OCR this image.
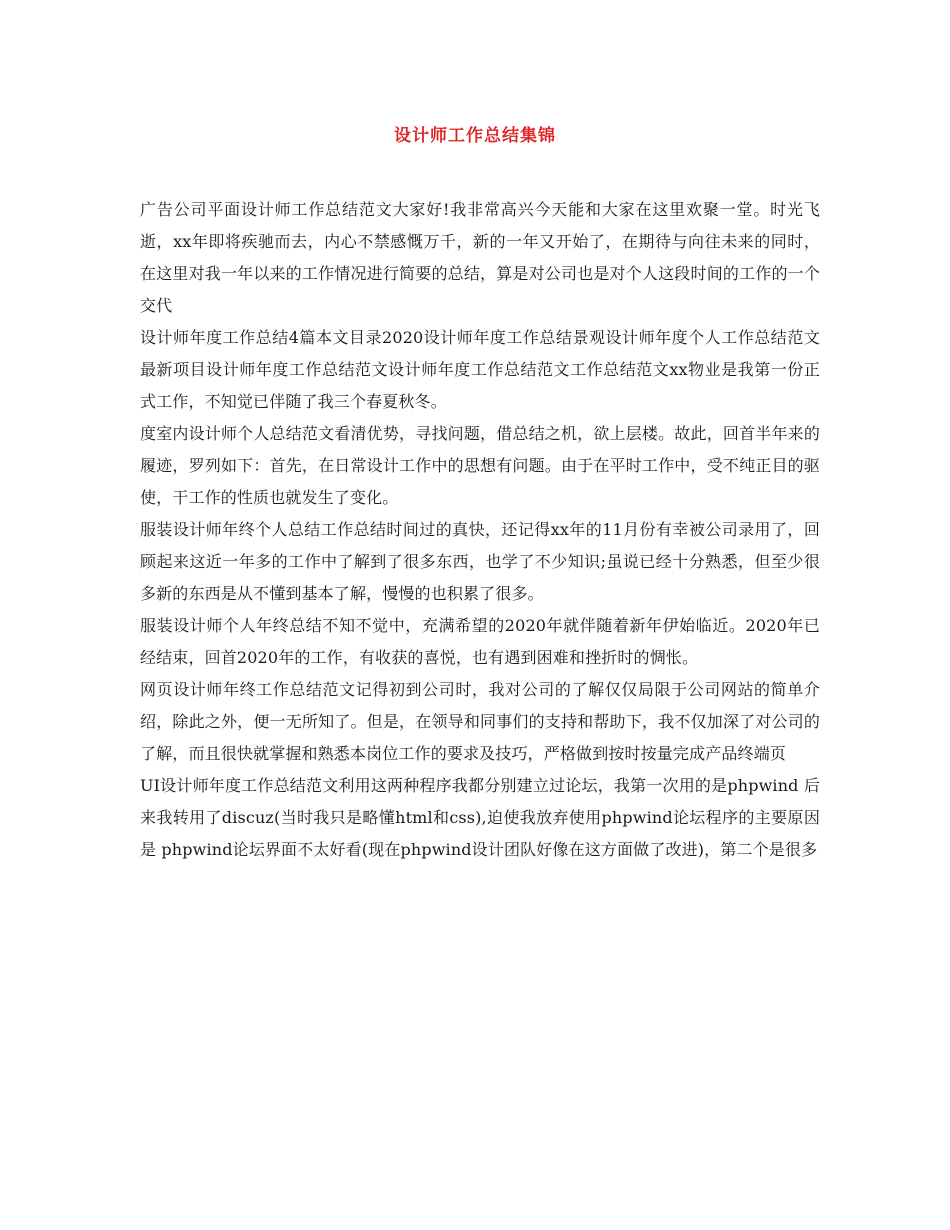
设计师工作总结集锦

广告公司平面设计师工作总结范文大家好!我非常高兴今天能和大家在这里欢聚一堂。时光飞逝，xx年即将疾驰而去，内心不禁感慨万千，新的一年又开始了，在期待与向往未来的同时，在这里对我一年以来的工作情况进行简要的总结，算是对公司也是对个人这段时间的工作的一个交代

设计师年度工作总结4篇本文目录2020设计师年度工作总结景观设计师年度个人工作总结范文最新项目设计师年度工作总结范文设计师年度工作总结范文工作总结范文xx物业是我第一份正式工作，不知觉已伴随了我三个春夏秋冬。

度室内设计师个人总结范文看清优势，寻找问题，借总结之机，欲上层楼。故此，回首半年来的履迹，罗列如下：首先，在日常设计工作中的思想有问题。由于在平时工作中，受不纯正目的驱使，干工作的性质也就发生了变化。

服装设计师年终个人总结工作总结时间过的真快，还记得xx年的11月份有幸被公司录用了，回顾起来这近一年多的工作中了解到了很多东西，也学了不少知识;虽说已经十分熟悉，但至少很多新的东西是从不懂到基本了解，慢慢的也积累了很多。

服装设计师个人年终总结不知不觉中，充满希望的2020年就伴随着新年伊始临近。2020年已经结束，回首2020年的工作，有收获的喜悦，也有遇到困难和挫折时的惆怅。

网页设计师年终工作总结范文记得初到公司时，我对公司的了解仅仅局限于公司网站的简单介绍，除此之外，便一无所知了。但是，在领导和同事们的支持和帮助下，我不仅加深了对公司的了解，而且很快就掌握和熟悉本岗位工作的要求及技巧，严格做到按时按量完成产品终端页

UI设计师年度工作总结范文利用这两种程序我都分别建立过论坛，我第一次用的是phpwind 后来我转用了discuz(当时我只是略懂html和css),迫使我放弃使用phpwind论坛程序的主要原因是 phpwind论坛界面不太好看(现在phpwind设计团队好像在这方面做了改进)，第二个是很多
